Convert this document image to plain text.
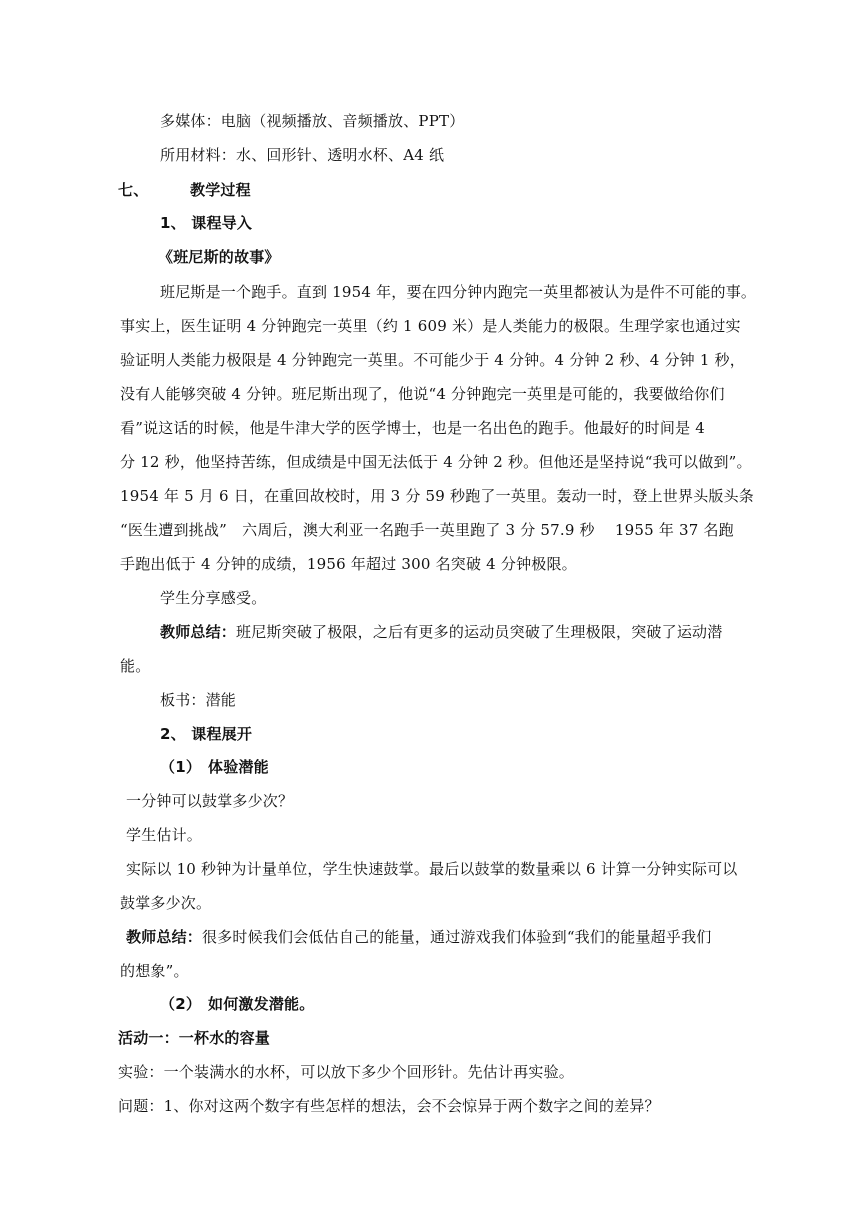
多媒体：电脑（视频播放、音频播放、PPT）
所用材料：水、回形针、透明水杯、A4 纸
七、	教学过程
1、 课程导入
《班尼斯的故事》
班尼斯是一个跑手。直到 1954 年，要在四分钟内跑完一英里都被认为是件不可能的事。
事实上，医生证明 4 分钟跑完一英里（约 1 609 米）是人类能力的极限。生理学家也通过实
验证明人类能力极限是 4 分钟跑完一英里。不可能少于 4 分钟。4 分钟 2 秒、4 分钟 1 秒，
没有人能够突破 4 分钟。班尼斯出现了，他说“4 分钟跑完一英里是可能的，我要做给你们
看”说这话的时候，他是牛津大学的医学博士，也是一名出色的跑手。他最好的时间是 4
分 12 秒，他坚持苦练，但成绩是中国无法低于 4 分钟 2 秒。但他还是坚持说“我可以做到”。
1954 年 5 月 6 日，在重回故校时，用 3 分 59 秒跑了一英里。轰动一时，登上世界头版头条
“医生遭到挑战”　六周后，澳大利亚一名跑手一英里跑了 3 分 57.9 秒　 1955 年 37 名跑
手跑出低于 4 分钟的成绩，1956 年超过 300 名突破 4 分钟极限。
学生分享感受。
教师总结：班尼斯突破了极限，之后有更多的运动员突破了生理极限，突破了运动潜
能。
板书：潜能
2、 课程展开
（1） 体验潜能
一分钟可以鼓掌多少次？
学生估计。
实际以 10 秒钟为计量单位，学生快速鼓掌。最后以鼓掌的数量乘以 6 计算一分钟实际可以
鼓掌多少次。
教师总结：很多时候我们会低估自己的能量，通过游戏我们体验到“我们的能量超乎我们
的想象”。
（2） 如何激发潜能。
活动一：一杯水的容量
实验：一个装满水的水杯，可以放下多少个回形针。先估计再实验。
问题：1、你对这两个数字有些怎样的想法，会不会惊异于两个数字之间的差异？
